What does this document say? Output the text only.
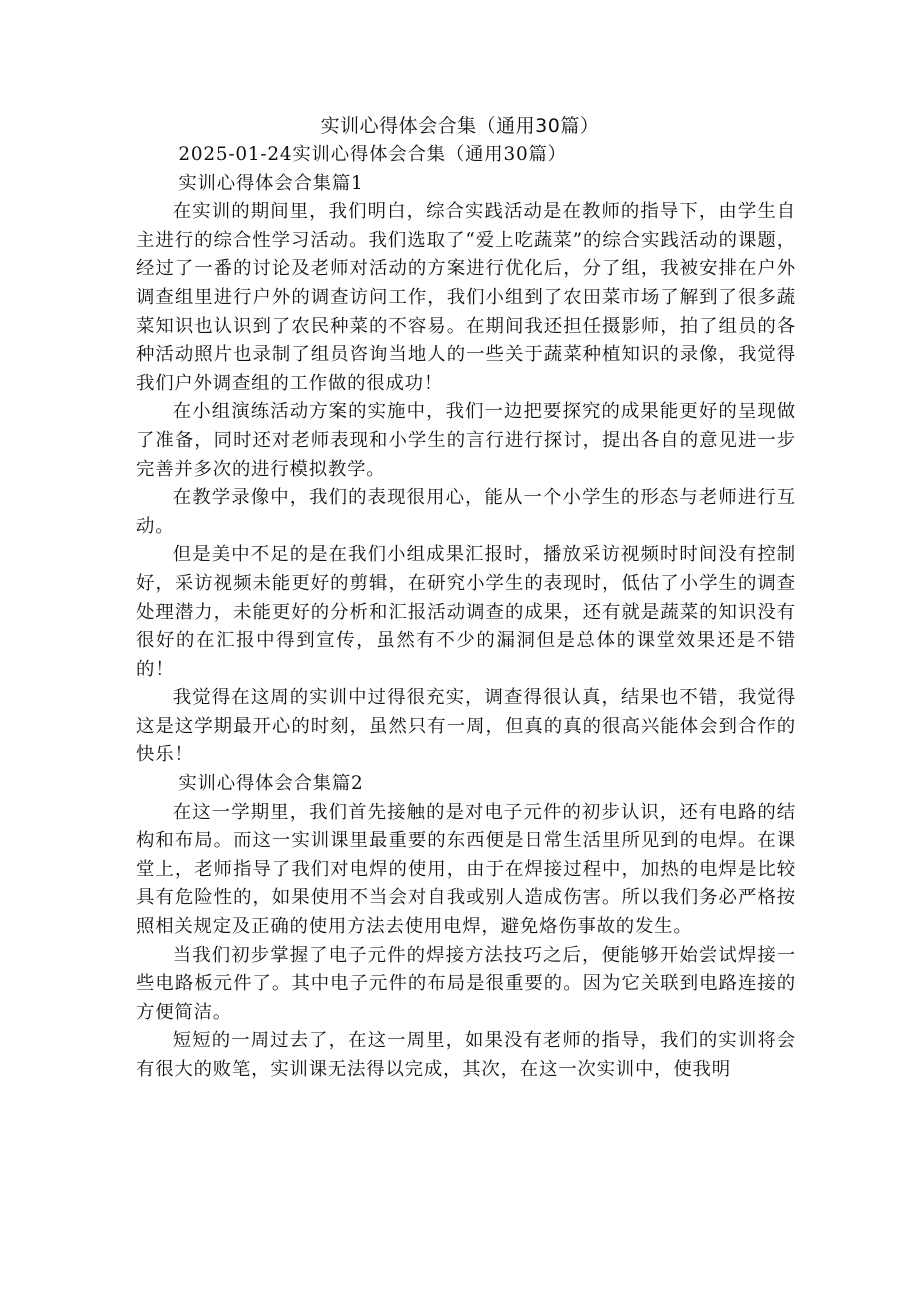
实训心得体会合集（通用30篇）

2025-01-24实训心得体会合集（通用30篇）

实训心得体会合集篇1

在实训的期间里，我们明白，综合实践活动是在教师的指导下，由学生自主进行的综合性学习活动。我们选取了“爱上吃蔬菜”的综合实践活动的课题，经过了一番的讨论及老师对活动的方案进行优化后，分了组，我被安排在户外调查组里进行户外的调查访问工作，我们小组到了农田菜市场了解到了很多蔬菜知识也认识到了农民种菜的不容易。在期间我还担任摄影师，拍了组员的各种活动照片也录制了组员咨询当地人的一些关于蔬菜种植知识的录像，我觉得我们户外调查组的工作做的很成功！

在小组演练活动方案的实施中，我们一边把要探究的成果能更好的呈现做了准备，同时还对老师表现和小学生的言行进行探讨，提出各自的意见进一步完善并多次的进行模拟教学。

在教学录像中，我们的表现很用心，能从一个小学生的形态与老师进行互动。

但是美中不足的是在我们小组成果汇报时，播放采访视频时时间没有控制好，采访视频未能更好的剪辑，在研究小学生的表现时，低估了小学生的调查处理潜力，未能更好的分析和汇报活动调查的成果，还有就是蔬菜的知识没有很好的在汇报中得到宣传，虽然有不少的漏洞但是总体的课堂效果还是不错的！

我觉得在这周的实训中过得很充实，调查得很认真，结果也不错，我觉得这是这学期最开心的时刻，虽然只有一周，但真的真的很高兴能体会到合作的快乐！

实训心得体会合集篇2

在这一学期里，我们首先接触的是对电子元件的初步认识，还有电路的结构和布局。而这一实训课里最重要的东西便是日常生活里所见到的电焊。在课堂上，老师指导了我们对电焊的使用，由于在焊接过程中，加热的电焊是比较具有危险性的，如果使用不当会对自我或别人造成伤害。所以我们务必严格按照相关规定及正确的使用方法去使用电焊，避免烙伤事故的发生。

当我们初步掌握了电子元件的焊接方法技巧之后，便能够开始尝试焊接一些电路板元件了。其中电子元件的布局是很重要的。因为它关联到电路连接的方便简洁。

短短的一周过去了，在这一周里，如果没有老师的指导，我们的实训将会有很大的败笔，实训课无法得以完成，其次，在这一次实训中，使我明
